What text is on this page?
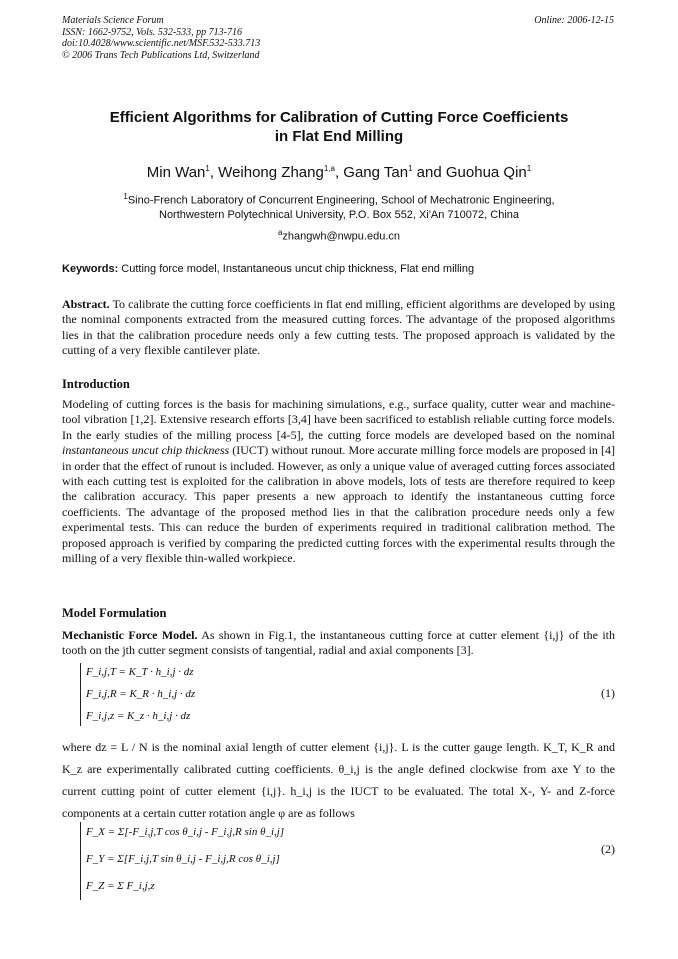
Materials Science Forum
ISSN: 1662-9752, Vols. 532-533, pp 713-716
doi:10.4028/www.scientific.net/MSF.532-533.713
© 2006 Trans Tech Publications Ltd, Switzerland
Online: 2006-12-15
Efficient Algorithms for Calibration of Cutting Force Coefficients
in Flat End Milling
Min Wan$^1$, Weihong Zhang$^{1,a}$, Gang Tan$^1$ and Guohua Qin$^1$
$^1$Sino-French Laboratory of Concurrent Engineering, School of Mechatronic Engineering,
Northwestern Polytechnical University, P.O. Box 552, Xi'An 710072, China
$^a$zhangwh@nwpu.edu.cn
Keywords: Cutting force model, Instantaneous uncut chip thickness, Flat end milling
Abstract. To calibrate the cutting force coefficients in flat end milling, efficient algorithms are developed by using the nominal components extracted from the measured cutting forces. The advantage of the proposed algorithms lies in that the calibration procedure needs only a few cutting tests. The proposed approach is validated by the cutting of a very flexible cantilever plate.
Introduction
Modeling of cutting forces is the basis for machining simulations, e.g., surface quality, cutter wear and machine-tool vibration [1,2]. Extensive research efforts [3,4] have been sacrificed to establish reliable cutting force models. In the early studies of the milling process [4-5], the cutting force models are developed based on the nominal instantaneous uncut chip thickness (IUCT) without runout. More accurate milling force models are proposed in [4] in order that the effect of runout is included. However, as only a unique value of averaged cutting forces associated with each cutting test is exploited for the calibration in above models, lots of tests are therefore required to keep the calibration accuracy. This paper presents a new approach to identify the instantaneous cutting force coefficients. The advantage of the proposed method lies in that the calibration procedure needs only a few experimental tests. This can reduce the burden of experiments required in traditional calibration method. The proposed approach is verified by comparing the predicted cutting forces with the experimental results through the milling of a very flexible thin-walled workpiece.
Model Formulation
Mechanistic Force Model. As shown in Fig.1, the instantaneous cutting force at cutter element {i,j} of the ith tooth on the jth cutter segment consists of tangential, radial and axial components [3].
F_i,j,T = K_T · h_i,j · dz
F_i,j,R = K_R · h_i,j · dz
F_i,j,z = K_z · h_i,j · dz
(1)
where dz = L / N is the nominal axial length of cutter element {i,j}. L is the cutter gauge length. K_T, K_R and K_z are experimentally calibrated cutting coefficients. θ_i,j is the angle defined clockwise from axe Y to the current cutting point of cutter element {i,j}. h_i,j is the IUCT to be evaluated. The total X-, Y- and Z-force components at a certain cutter rotation angle φ are as follows
F_X = Σ[-F_i,j,T cos θ_i,j - F_i,j,R sin θ_i,j]
F_Y = Σ[F_i,j,T sin θ_i,j - F_i,j,R cos θ_i,j]
F_Z = Σ F_i,j,z
(2)
